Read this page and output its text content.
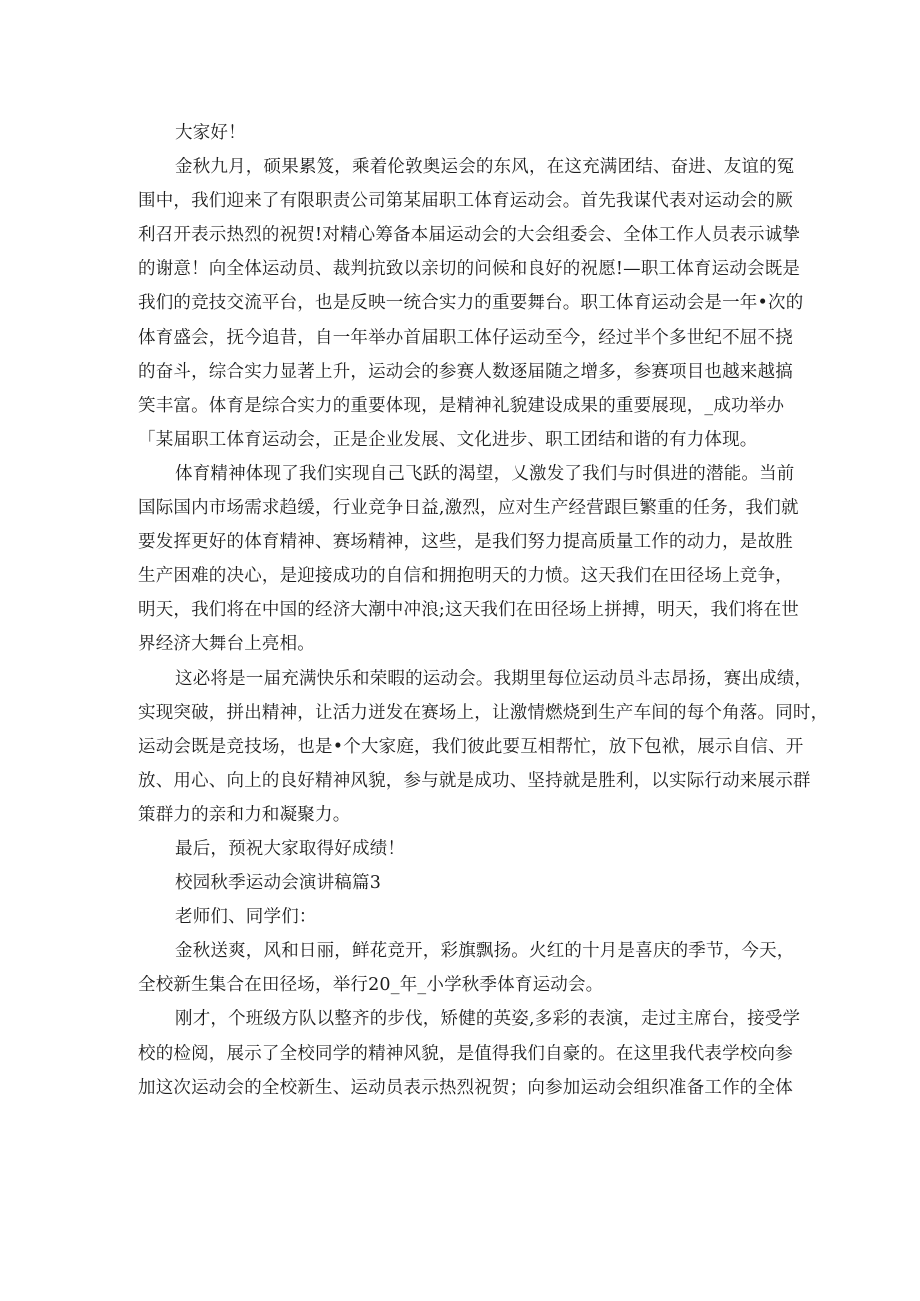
大家好！

金秋九月，硕果累笈，乘着伦敦奥运会的东风，在这充满团结、奋进、友谊的冤
围中，我们迎来了有限职责公司第某届职工体育运动会。首先我谋代表对运动会的厥
利召开表示热烈的祝贺!对精心筹备本届运动会的大会组委会、全体工作人员表示诚挚
的谢意！向全体运动员、裁判抗致以亲切的问候和良好的祝愿!—职工体育运动会既是
我们的竞技交流平台，也是反映一统合实力的重要舞台。职工体育运动会是一年•次的
体育盛会，抚今追昔，自一年举办首届职工体仔运动至今，经过半个多世纪不屈不挠
的奋斗，综合实力显著上升，运动会的参赛人数逐届随之增多，参赛项目也越来越搞
笑丰富。体育是综合实力的重要体现，是精神礼貌建设成果的重要展现，_成功举办
「某届职工体育运动会，正是企业发展、文化进步、职工团结和谐的有力体现。

体育精神体现了我们实现自己飞跃的渴望，乂激发了我们与时俱进的潜能。当前
国际国内市场需求趋缓，行业竞争日益,激烈，应对生产经营跟巨繁重的任务，我们就
要发挥更好的体育精神、赛场精神，这些，是我们努力提高质量工作的动力，是故胜
生产困难的决心，是迎接成功的自信和拥抱明天的力愤。这天我们在田径场上竞争，
明天，我们将在中国的经济大潮中冲浪;这天我们在田径场上拼搏，明天，我们将在世
界经济大舞台上亮相。

这必将是一届充满快乐和荣暇的运动会。我期里每位运动员斗志昂扬，赛出成绩，
实现突破，拼出精神，让活力迸发在赛场上，让激情燃烧到生产车间的每个角落。同时，
运动会既是竞技场，也是•个大家庭，我们彼此要互相帮忙，放下包袱，展示自信、开
放、用心、向上的良好精神风貌，参与就是成功、坚持就是胜利，以实际行动来展示群
策群力的亲和力和凝聚力。

最后，预祝大家取得好成绩！

校园秋季运动会演讲稿篇3

老师们、同学们：

金秋送爽，风和日丽，鲜花竞开，彩旗飘扬。火红的十月是喜庆的季节，今天，
全校新生集合在田径场，举行20_年_小学秋季体育运动会。

刚才，个班级方队以整齐的步伐，矫健的英姿,多彩的表演，走过主席台，接受学
校的检阅，展示了全校同学的精神风貌，是值得我们自豪的。在这里我代表学校向参
加这次运动会的全校新生、运动员表示热烈祝贺；向参加运动会组织准备工作的全体
